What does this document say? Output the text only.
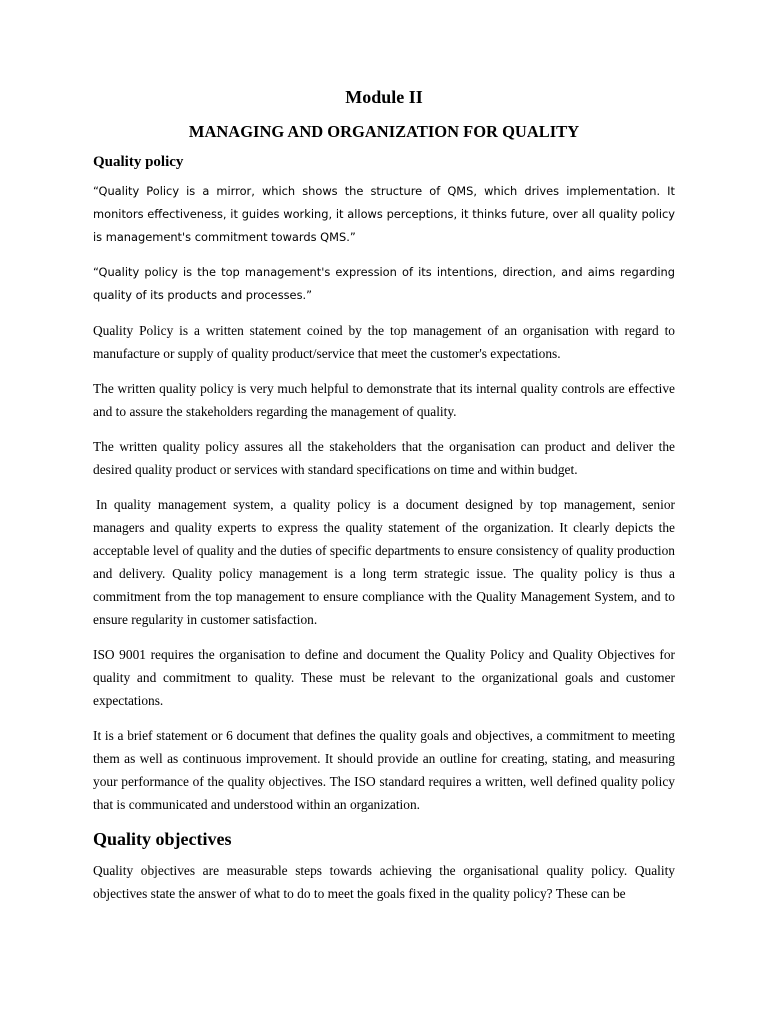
Module II
MANAGING AND ORGANIZATION FOR QUALITY
Quality policy

“Quality Policy is a mirror, which shows the structure of QMS, which drives implementation. It monitors effectiveness, it guides working, it allows perceptions, it thinks future, over all quality policy is management's commitment towards QMS.”

“Quality policy is the top management's expression of its intentions, direction, and aims regarding quality of its products and processes.”

Quality Policy is a written statement coined by the top management of an organisation with regard to manufacture or supply of quality product/service that meet the customer's expectations.

The written quality policy is very much helpful to demonstrate that its internal quality controls are effective and to assure the stakeholders regarding the management of quality.

The written quality policy assures all the stakeholders that the organisation can product and deliver the desired quality product or services with standard specifications on time and within budget.

In quality management system, a quality policy is a document designed by top management, senior managers and quality experts to express the quality statement of the organization. It clearly depicts the acceptable level of quality and the duties of specific departments to ensure consistency of quality production and delivery. Quality policy management is a long term strategic issue. The quality policy is thus a commitment from the top management to ensure compliance with the Quality Management System, and to ensure regularity in customer satisfaction.

ISO 9001 requires the organisation to define and document the Quality Policy and Quality Objectives for quality and commitment to quality. These must be relevant to the organizational goals and customer expectations.

It is a brief statement or 6 document that defines the quality goals and objectives, a commitment to meeting them as well as continuous improvement. It should provide an outline for creating, stating, and measuring your performance of the quality objectives. The ISO standard requires a written, well defined quality policy that is communicated and understood within an organization.

Quality objectives

Quality objectives are measurable steps towards achieving the organisational quality policy. Quality objectives state the answer of what to do to meet the goals fixed in the quality policy? These can be
